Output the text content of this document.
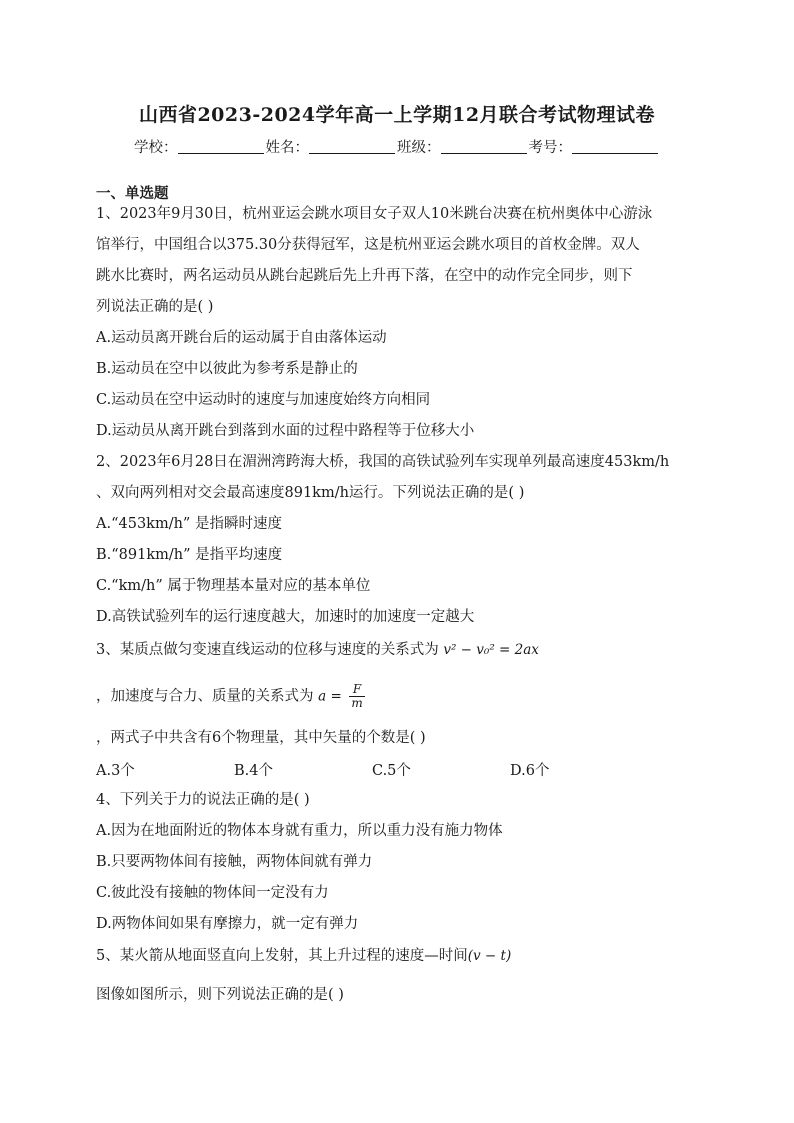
山西省2023-2024学年高一上学期12月联合考试物理试卷
学校：	姓名：	班级：	考号：
一、单选题
1、2023年9月30日，杭州亚运会跳水项目女子双人10米跳台决赛在杭州奥体中心游泳
馆举行，中国组合以375.30分获得冠军，这是杭州亚运会跳水项目的首枚金牌。双人
跳水比赛时，两名运动员从跳台起跳后先上升再下落，在空中的动作完全同步，则下
列说法正确的是( )
A.运动员离开跳台后的运动属于自由落体运动
B.运动员在空中以彼此为参考系是静止的
C.运动员在空中运动时的速度与加速度始终方向相同
D.运动员从离开跳台到落到水面的过程中路程等于位移大小
2、2023年6月28日在湄洲湾跨海大桥，我国的高铁试验列车实现单列最高速度453km/h
、双向两列相对交会最高速度891km/h运行。下列说法正确的是( )
A.“453km/h” 是指瞬时速度
B.“891km/h” 是指平均速度
C.“km/h” 属于物理基本量对应的基本单位
D.高铁试验列车的运行速度越大，加速时的加速度一定越大
3、某质点做匀变速直线运动的位移与速度的关系式为 v² − v₀² = 2ax
，加速度与合力、质量的关系式为 $a = \frac{F}{m}$
，两式子中共含有6个物理量，其中矢量的个数是( )
A.3个	B.4个	C.5个	D.6个
4、下列关于力的说法正确的是( )
A.因为在地面附近的物体本身就有重力，所以重力没有施力物体
B.只要两物体间有接触，两物体间就有弹力
C.彼此没有接触的物体间一定没有力
D.两物体间如果有摩擦力，就一定有弹力
5、某火箭从地面竖直向上发射，其上升过程的速度—时间(v − t)
图像如图所示，则下列说法正确的是( )
